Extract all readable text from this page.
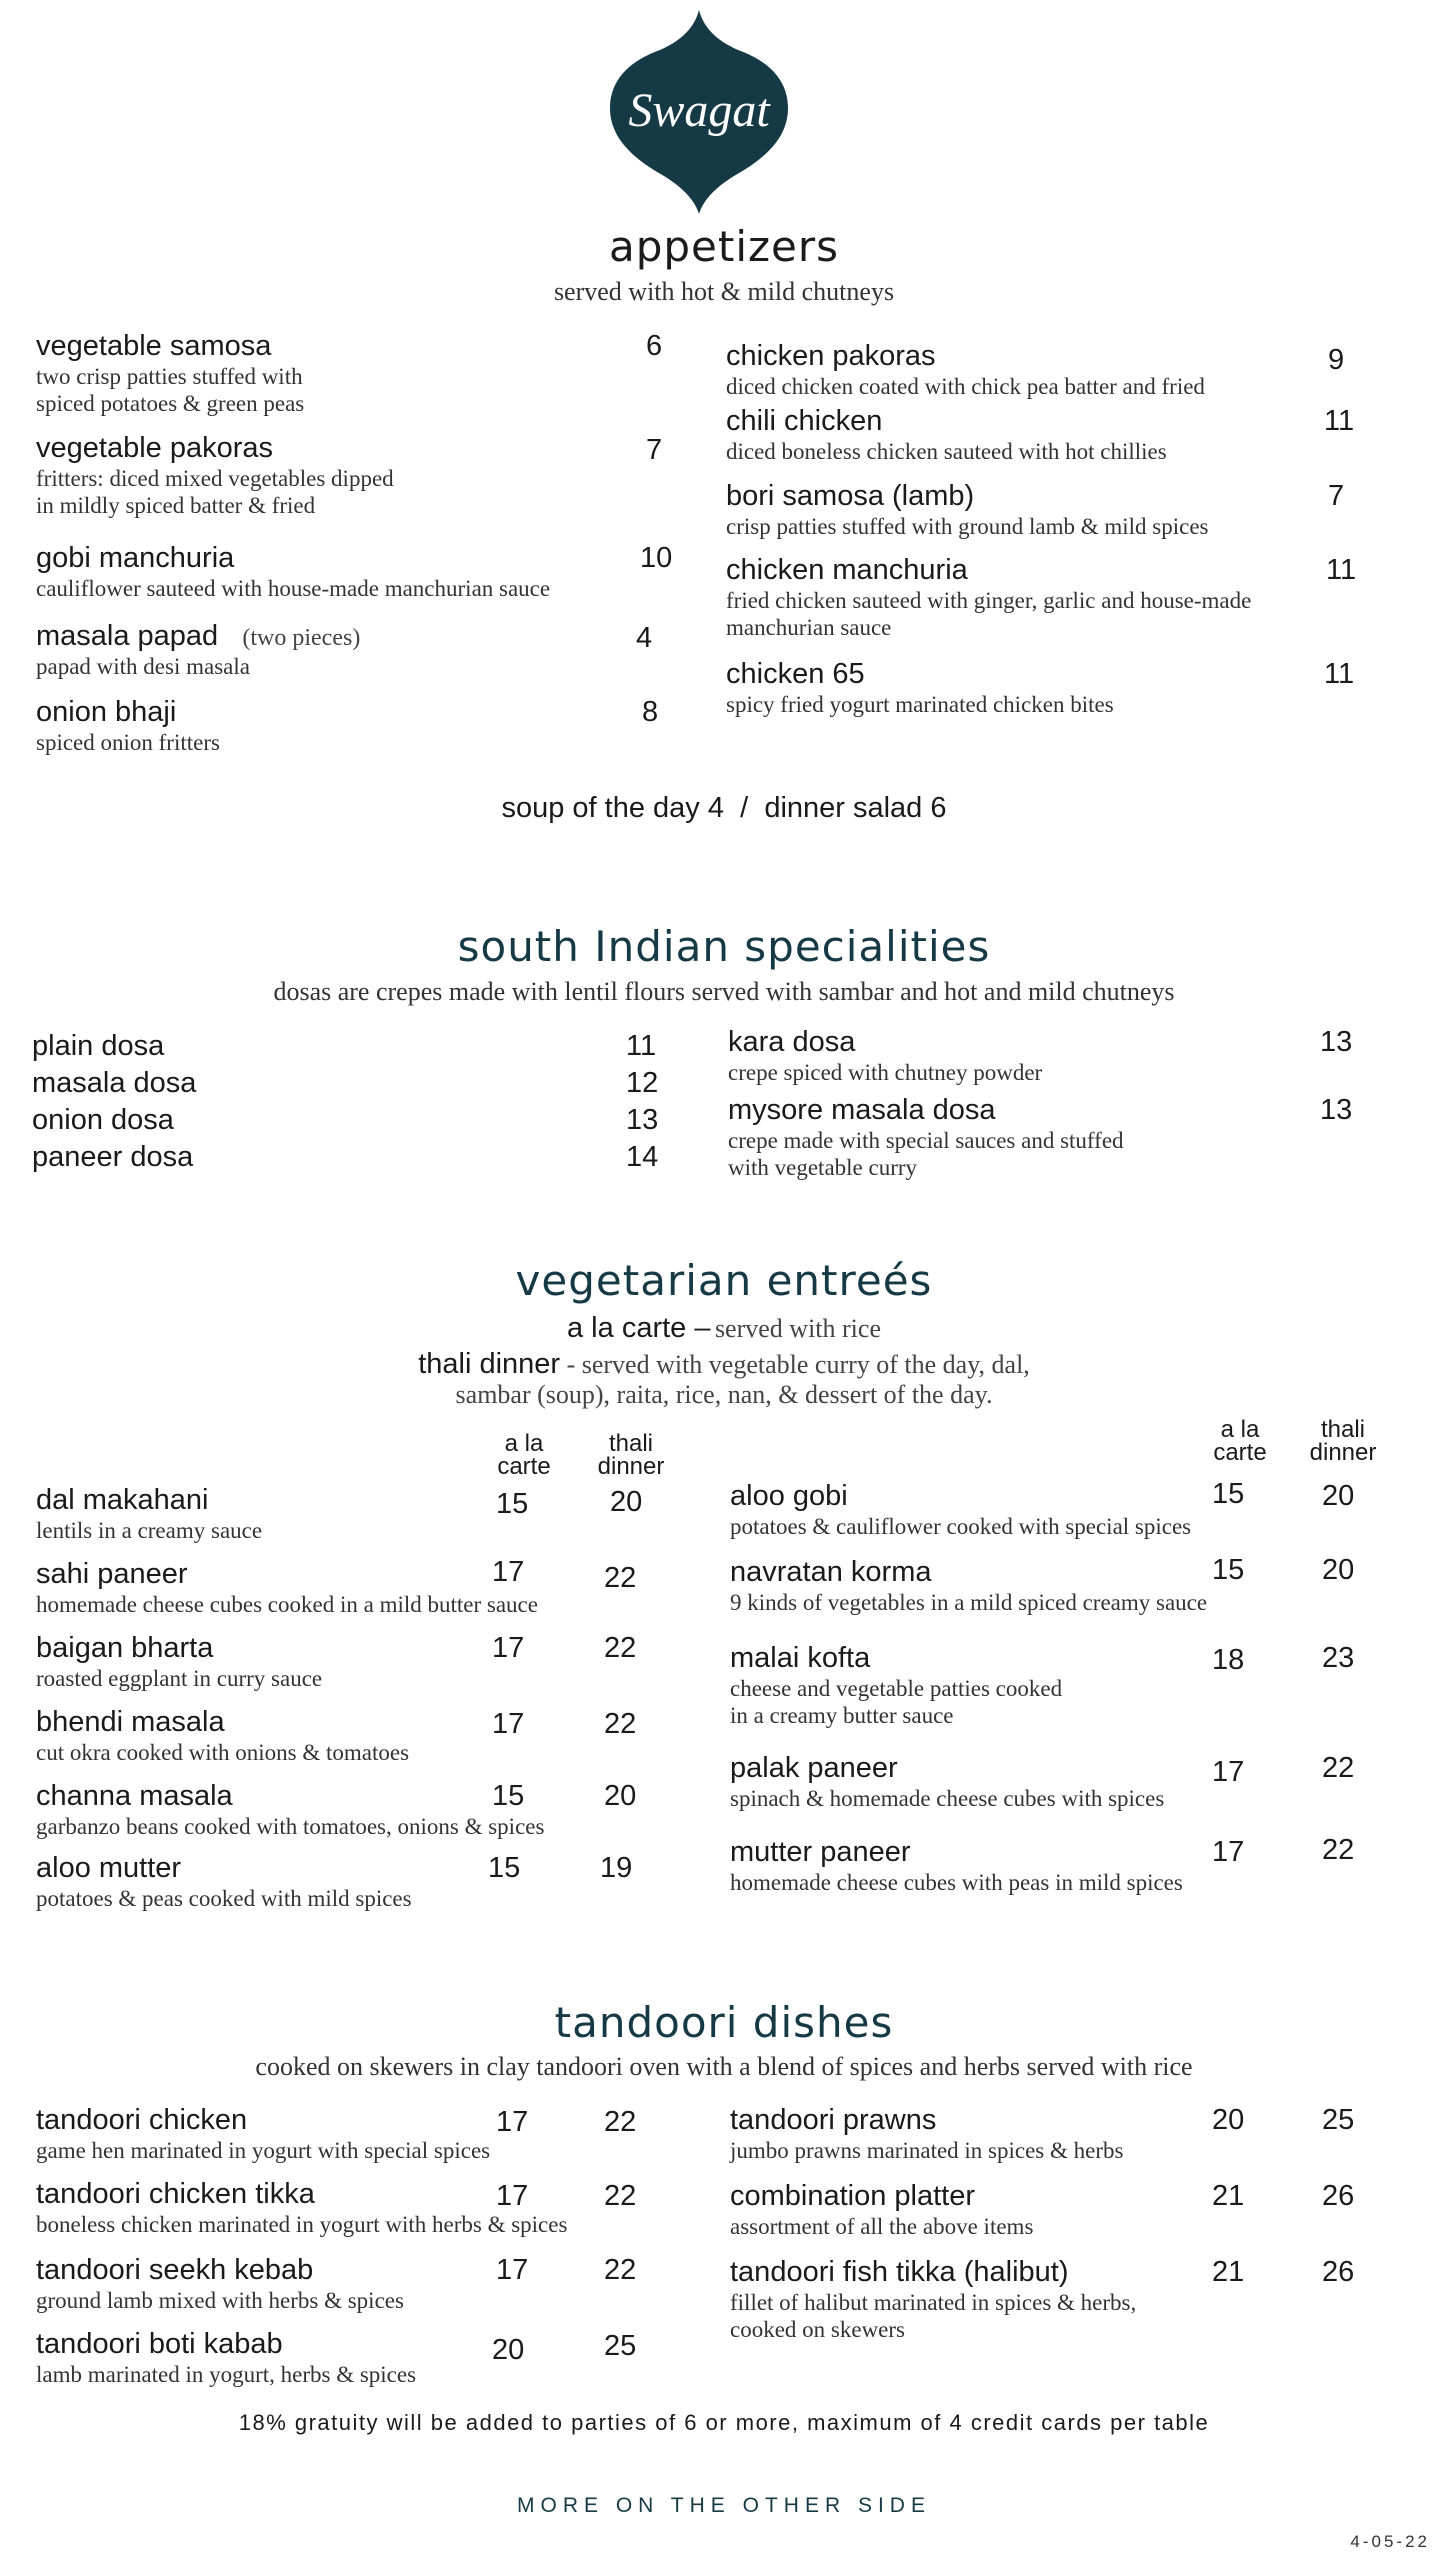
Swagat
appetizers
served with hot & mild chutneys
vegetable samosa
two crisp patties stuffed with
spiced potatoes & green peas
6
vegetable pakoras
fritters: diced mixed vegetables dipped
in mildly spiced batter & fried
7
gobi manchuria
cauliflower sauteed with house-made manchurian sauce
10
masala papad (two pieces)
papad with desi masala
4
onion bhaji
spiced onion fritters
8
chicken pakoras
diced chicken coated with chick pea batter and fried
9
chili chicken
diced boneless chicken sauteed with hot chillies
11
bori samosa (lamb)
crisp patties stuffed with ground lamb & mild spices
7
chicken manchuria
fried chicken sauteed with ginger, garlic and house-made
manchurian sauce
11
chicken 65
spicy fried yogurt marinated chicken bites
11
soup of the day 4 / dinner salad 6
south Indian specialities
dosas are crepes made with lentil flours served with sambar and hot and mild chutneys
plain dosa	11
masala dosa	12
onion dosa	13
paneer dosa	14
kara dosa
crepe spiced with chutney powder
13
mysore masala dosa
crepe made with special sauces and stuffed
with vegetable curry
13
vegetarian entreés
a la carte – served with rice
thali dinner - served with vegetable curry of the day, dal,
sambar (soup), raita, rice, nan, & dessert of the day.
a la
carte
thali
dinner
a la
carte
thali
dinner
dal makahani
lentils in a creamy sauce
15	20
sahi paneer
homemade cheese cubes cooked in a mild butter sauce
17	22
baigan bharta
roasted eggplant in curry sauce
17	22
bhendi masala
cut okra cooked with onions & tomatoes
17	22
channa masala
garbanzo beans cooked with tomatoes, onions & spices
15	20
aloo mutter
potatoes & peas cooked with mild spices
15	19
aloo gobi
potatoes & cauliflower cooked with special spices
15	20
navratan korma
9 kinds of vegetables in a mild spiced creamy sauce
15	20
malai kofta
cheese and vegetable patties cooked
in a creamy butter sauce
18	23
palak paneer
spinach & homemade cheese cubes with spices
17	22
mutter paneer
homemade cheese cubes with peas in mild spices
17	22
tandoori dishes
cooked on skewers in clay tandoori oven with a blend of spices and herbs served with rice
tandoori chicken
game hen marinated in yogurt with special spices
17	22
tandoori chicken tikka
boneless chicken marinated in yogurt with herbs & spices
17	22
tandoori seekh kebab
ground lamb mixed with herbs & spices
17	22
tandoori boti kabab
lamb marinated in yogurt, herbs & spices
20	25
tandoori prawns
jumbo prawns marinated in spices & herbs
20	25
combination platter
assortment of all the above items
21	26
tandoori fish tikka (halibut)
fillet of halibut marinated in spices & herbs,
cooked on skewers
21	26
18% gratuity will be added to parties of 6 or more, maximum of 4 credit cards per table
MORE ON THE OTHER SIDE
4-05-22
